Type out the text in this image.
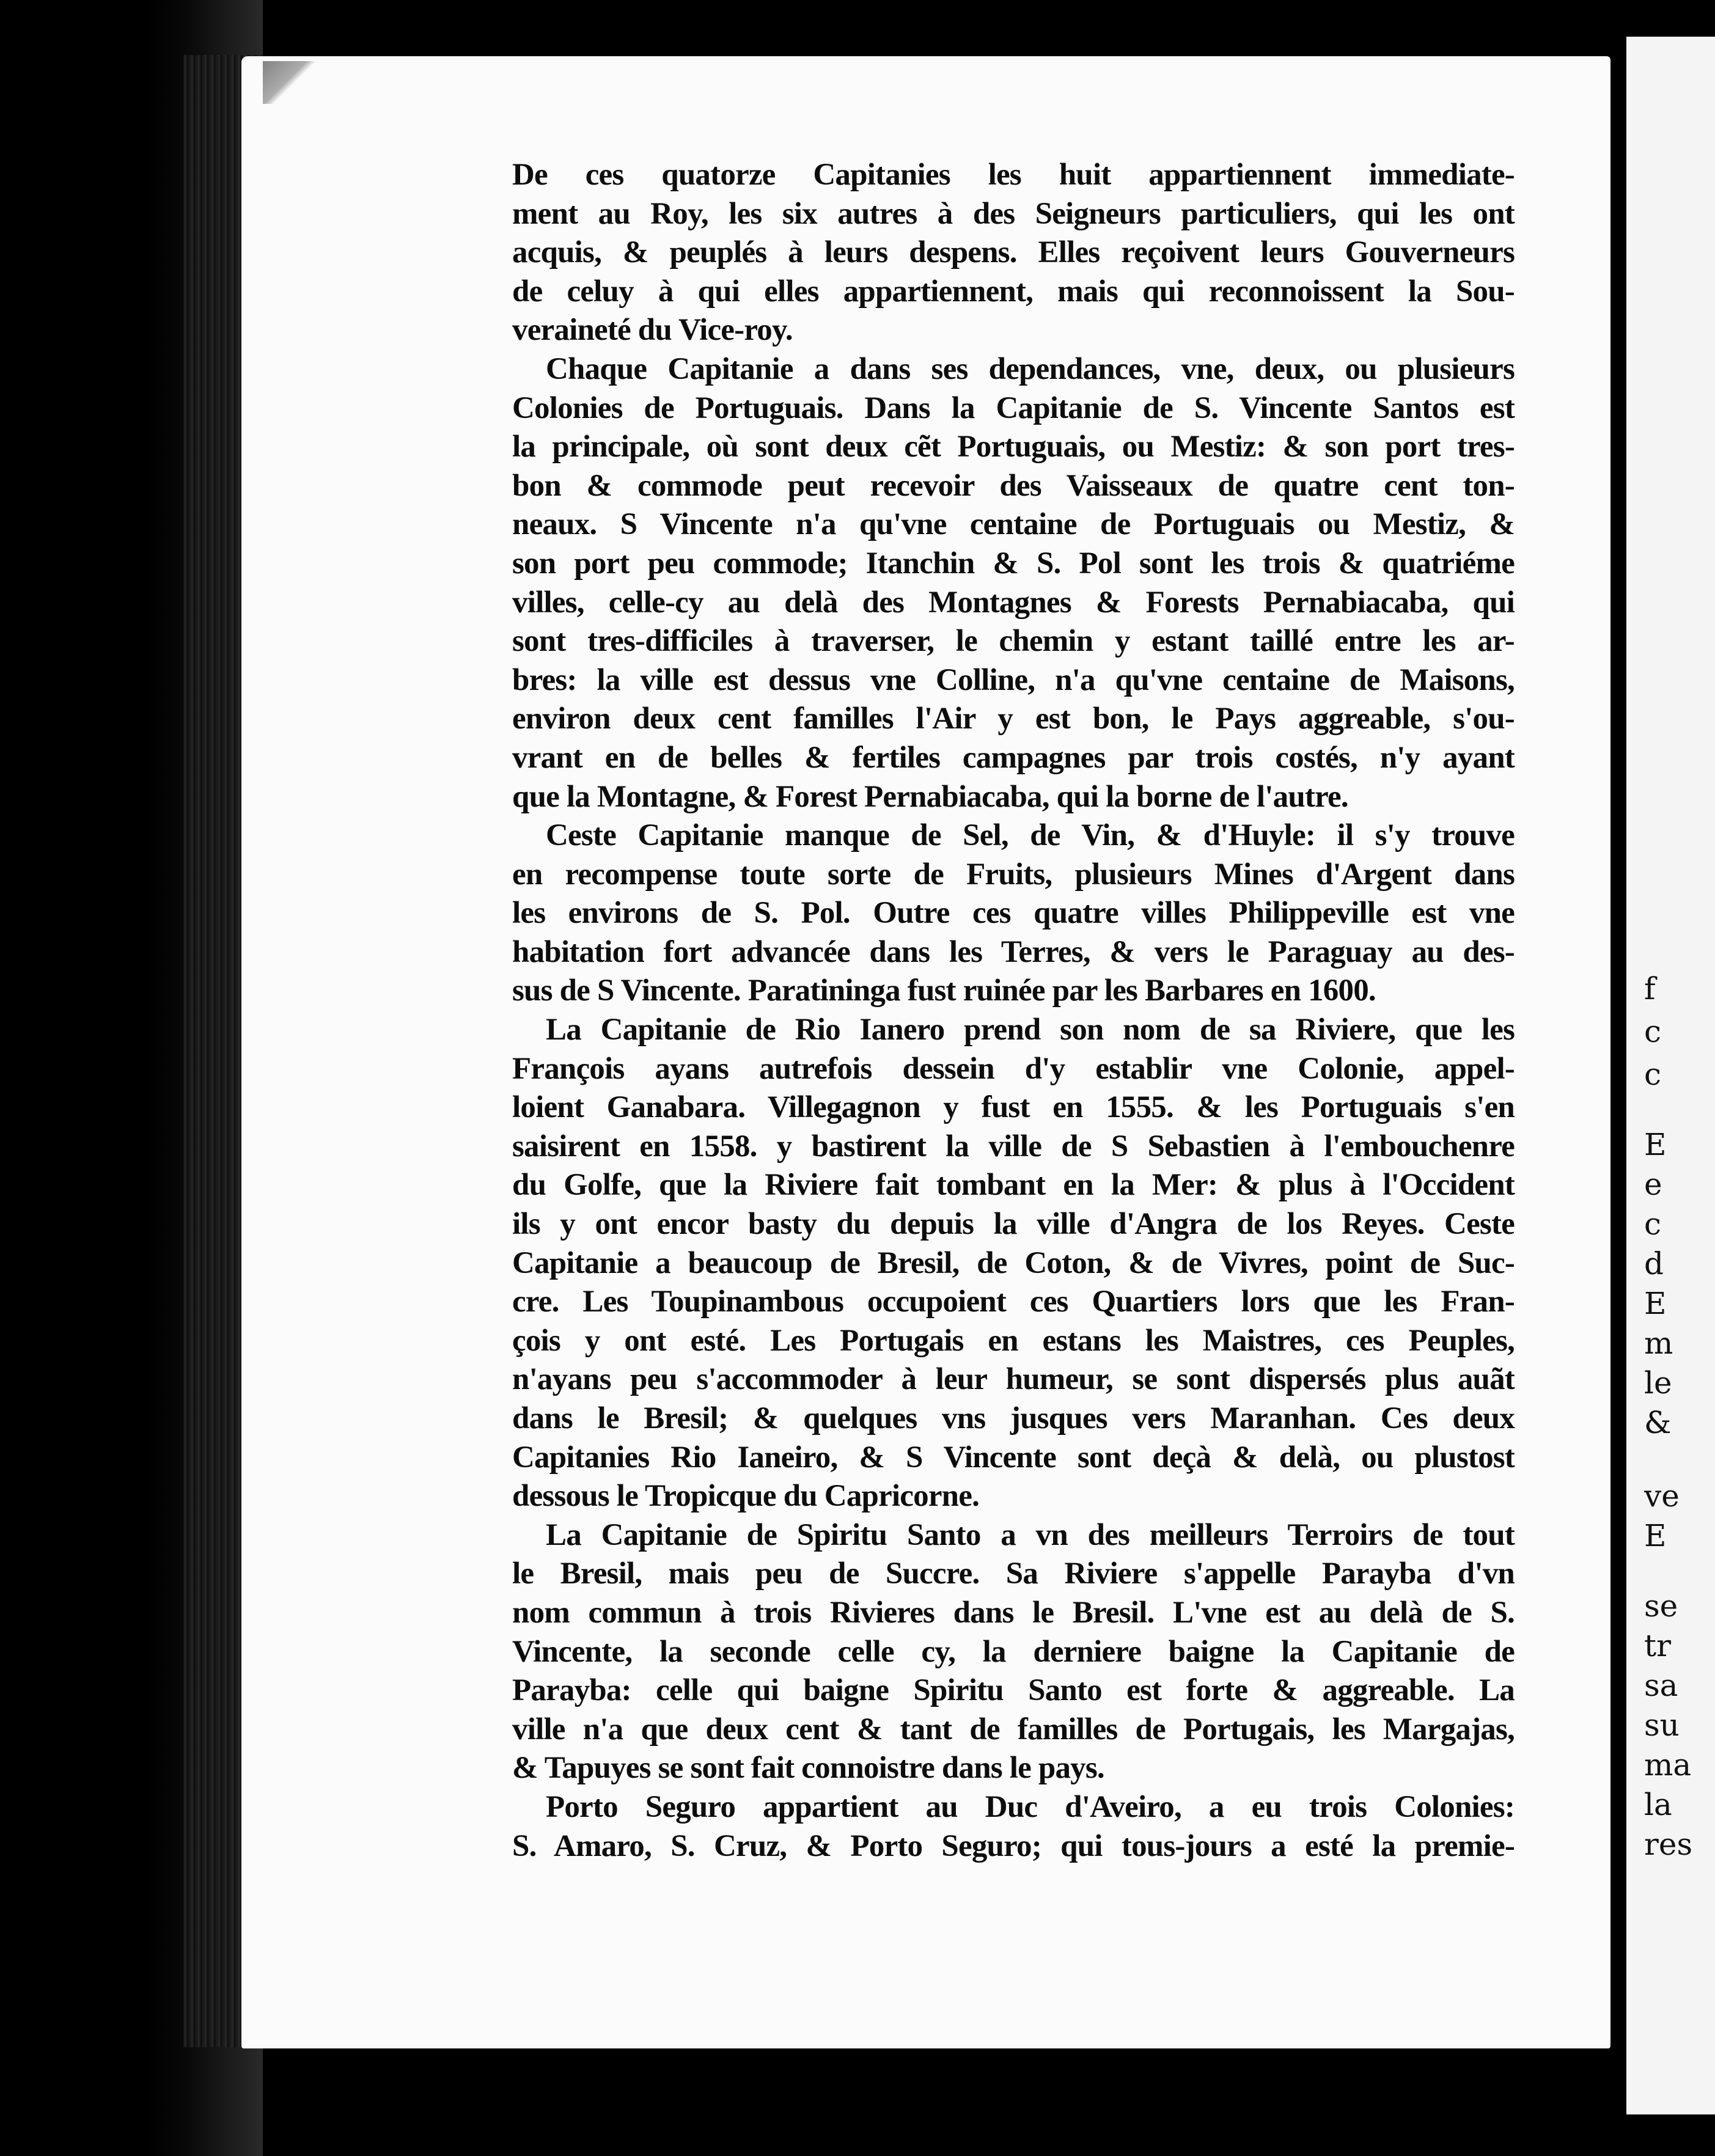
De ces quatorze Capitanies les huit appartiennent immediate-
ment au Roy, les six autres à des Seigneurs particuliers, qui les ont
acquis, & peuplés à leurs despens. Elles reçoivent leurs Gouverneurs
de celuy à qui elles appartiennent, mais qui reconnoissent la Sou-
veraineté du Vice-roy.
Chaque Capitanie a dans ses dependances, vne, deux, ou plusieurs
Colonies de Portuguais. Dans la Capitanie de S. Vincente Santos est
la principale, où sont deux cẽt Portuguais, ou Mestiz: & son port tres-
bon & commode peut recevoir des Vaisseaux de quatre cent ton-
neaux. S Vincente n'a qu'vne centaine de Portuguais ou Mestiz, &
son port peu commode; Itanchin & S. Pol sont les trois & quatriéme
villes, celle-cy au delà des Montagnes & Forests Pernabiacaba, qui
sont tres-difficiles à traverser, le chemin y estant taillé entre les ar-
bres: la ville est dessus vne Colline, n'a qu'vne centaine de Maisons,
environ deux cent familles l'Air y est bon, le Pays aggreable, s'ou-
vrant en de belles & fertiles campagnes par trois costés, n'y ayant
que la Montagne, & Forest Pernabiacaba, qui la borne de l'autre.
Ceste Capitanie manque de Sel, de Vin, & d'Huyle: il s'y trouve
en recompense toute sorte de Fruits, plusieurs Mines d'Argent dans
les environs de S. Pol. Outre ces quatre villes Philippeville est vne
habitation fort advancée dans les Terres, & vers le Paraguay au des-
sus de S Vincente. Paratininga fust ruinée par les Barbares en 1600.
La Capitanie de Rio Ianero prend son nom de sa Riviere, que les
François ayans autrefois dessein d'y establir vne Colonie, appel-
loient Ganabara. Villegagnon y fust en 1555. & les Portuguais s'en
saisirent en 1558. y bastirent la ville de S Sebastien à l'embouchenre
du Golfe, que la Riviere fait tombant en la Mer: & plus à l'Occident
ils y ont encor basty du depuis la ville d'Angra de los Reyes. Ceste
Capitanie a beaucoup de Bresil, de Coton, & de Vivres, point de Suc-
cre. Les Toupinambous occupoient ces Quartiers lors que les Fran-
çois y ont esté. Les Portugais en estans les Maistres, ces Peuples,
n'ayans peu s'accommoder à leur humeur, se sont dispersés plus auãt
dans le Bresil; & quelques vns jusques vers Maranhan. Ces deux
Capitanies Rio Ianeiro, & S Vincente sont deçà & delà, ou plustost
dessous le Tropicque du Capricorne.
La Capitanie de Spiritu Santo a vn des meilleurs Terroirs de tout
le Bresil, mais peu de Succre. Sa Riviere s'appelle Parayba d'vn
nom commun à trois Rivieres dans le Bresil. L'vne est au delà de S.
Vincente, la seconde celle cy, la derniere baigne la Capitanie de
Parayba: celle qui baigne Spiritu Santo est forte & aggreable. La
ville n'a que deux cent & tant de familles de Portugais, les Margajas,
& Tapuyes se sont fait connoistre dans le pays.
Porto Seguro appartient au Duc d'Aveiro, a eu trois Colonies:
S. Amaro, S. Cruz, & Porto Seguro; qui tous-jours a esté la premie-
f
c
c
E
e
c
d
E
m
le
&
ve
E
se
tr
sa
su
ma
la
res
